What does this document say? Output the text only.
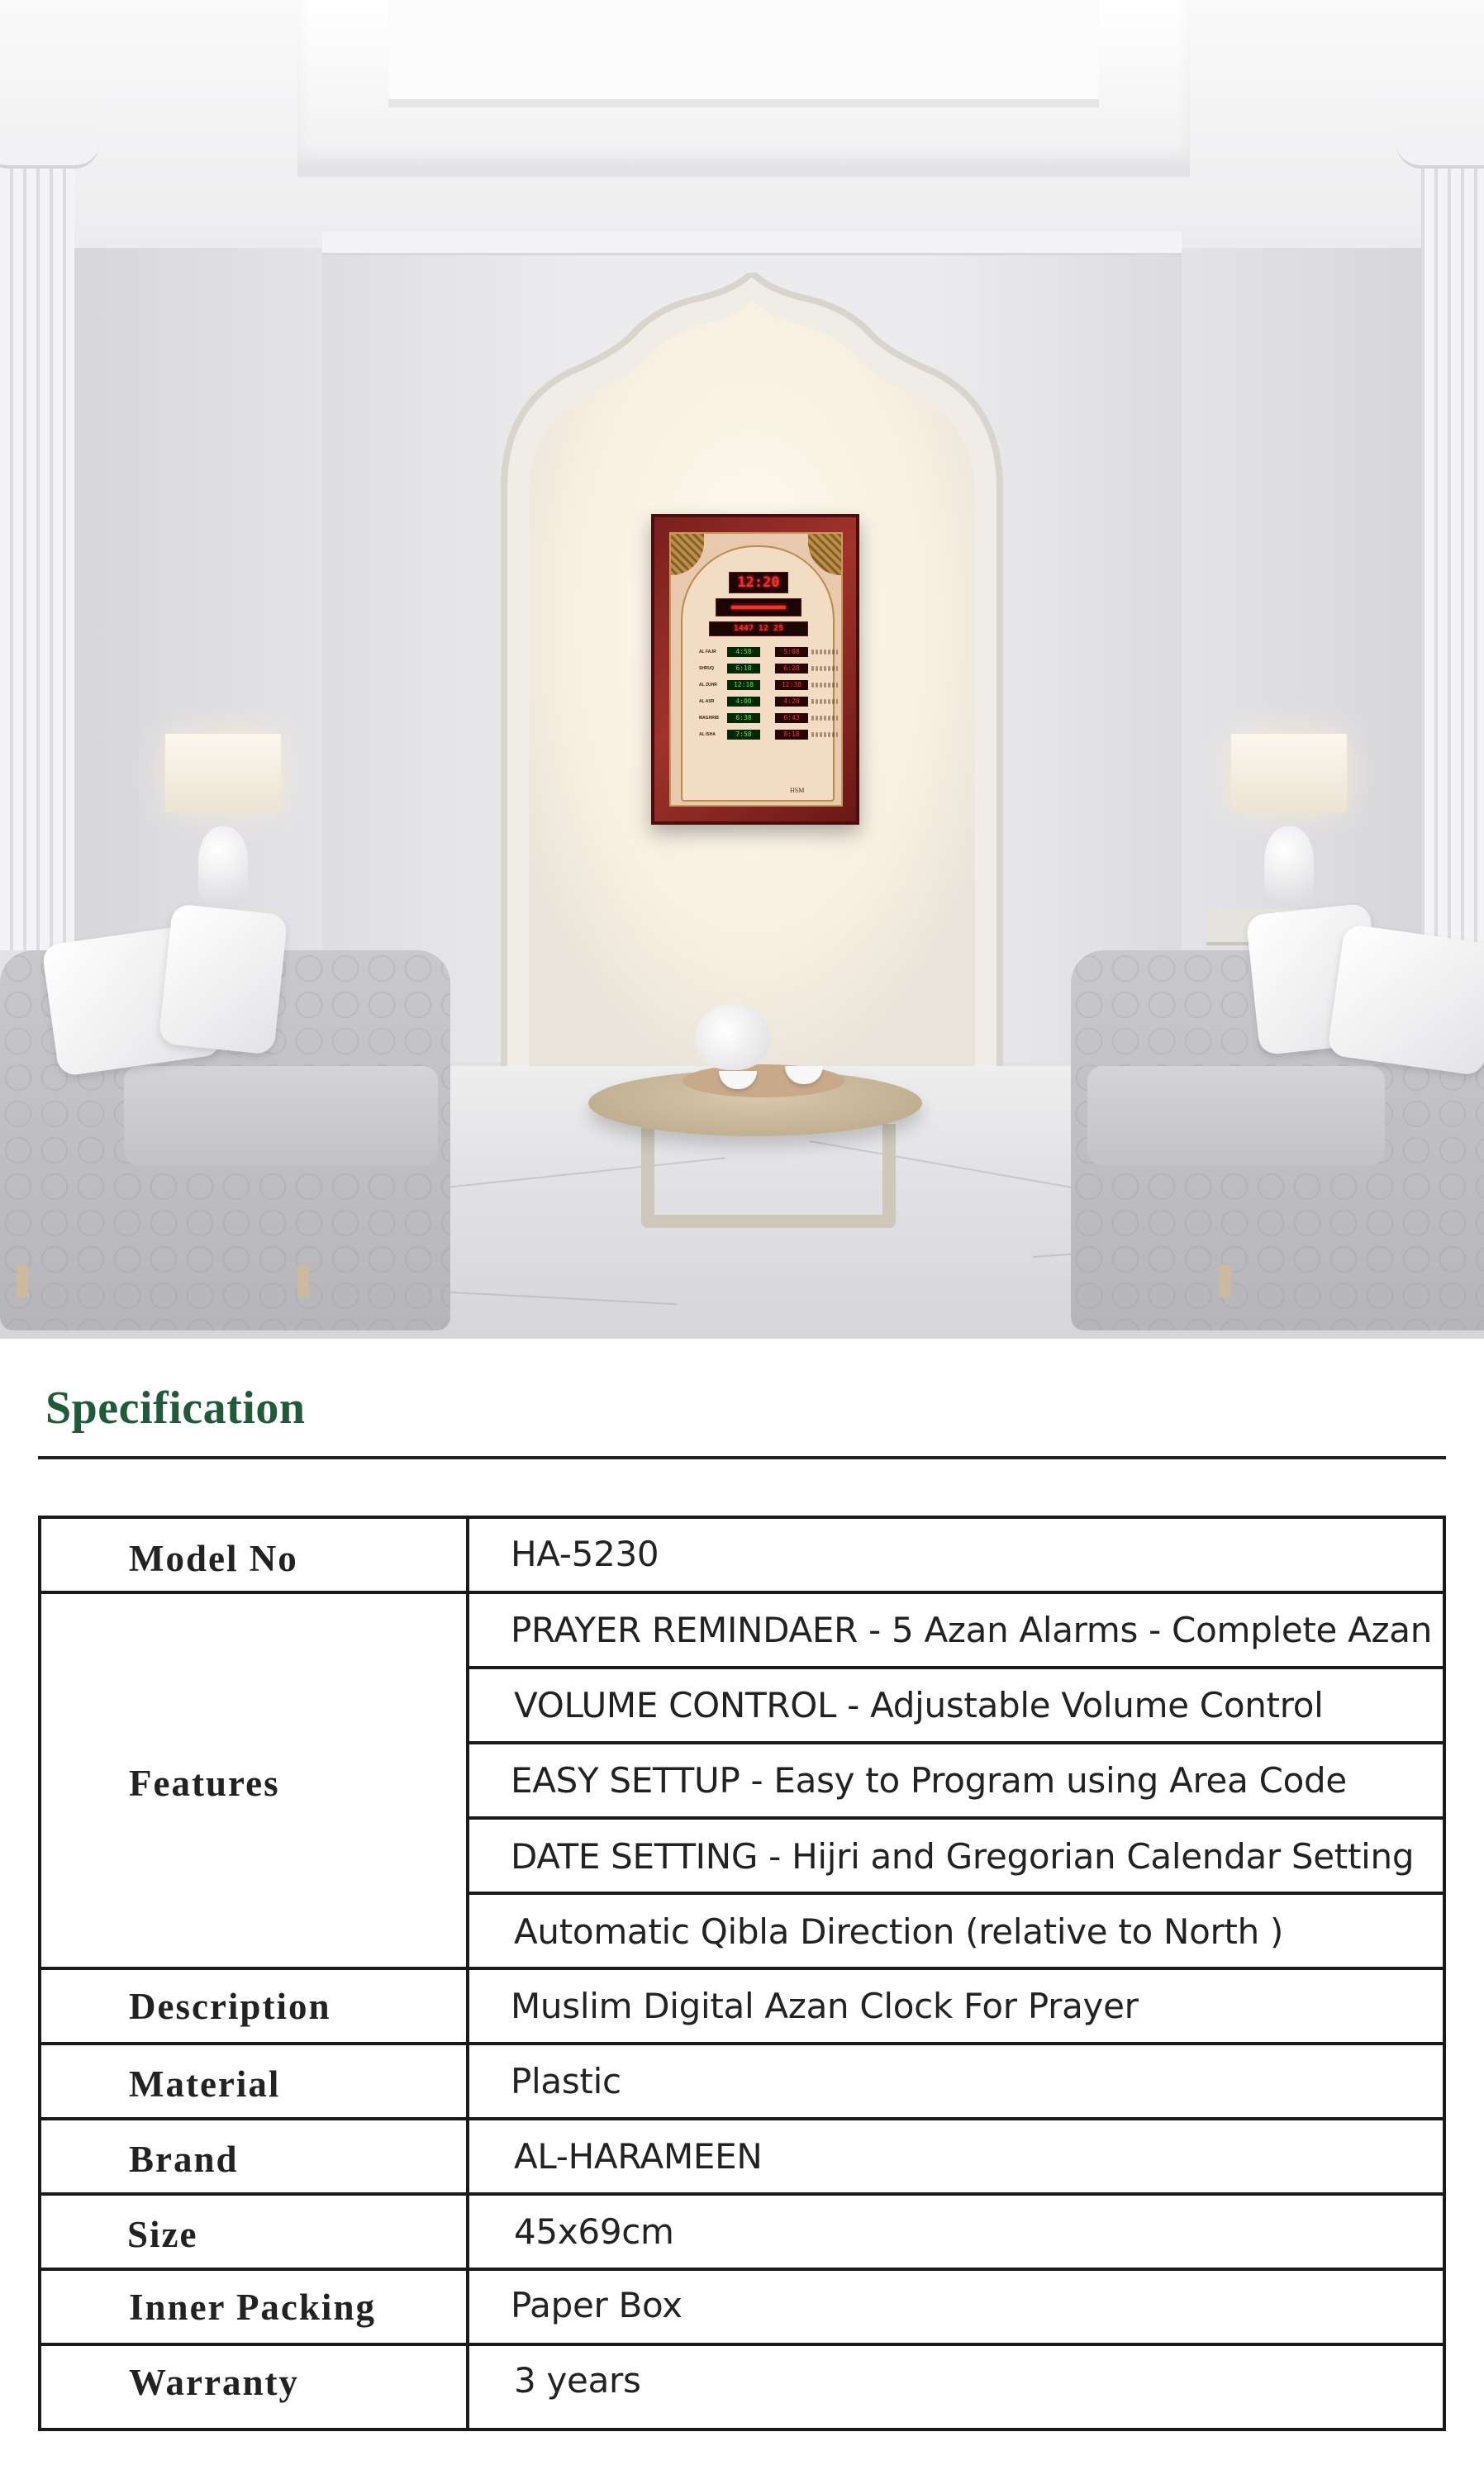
12:20
1447 12 25
AL FAJR	4:58	5:08
SHRUQ	6:18	6:28
AL ZUHR	12:18	12:38
AL ASR	4:00	4:20
MAGHRIB	6:38	6:43
AL ISHA	7:58	8:18
HSM
Specification
Model No	HA-5230
Features
PRAYER REMINDAER - 5 Azan Alarms - Complete Azan
VOLUME CONTROL - Adjustable Volume Control
EASY SETTUP - Easy to Program using Area Code
DATE SETTING - Hijri and Gregorian Calendar Setting
Automatic Qibla Direction (relative to North )
Description	Muslim Digital Azan Clock For Prayer
Material	Plastic
Brand	AL-HARAMEEN
Size	45x69cm
Inner Packing	Paper Box
Warranty	3 years
